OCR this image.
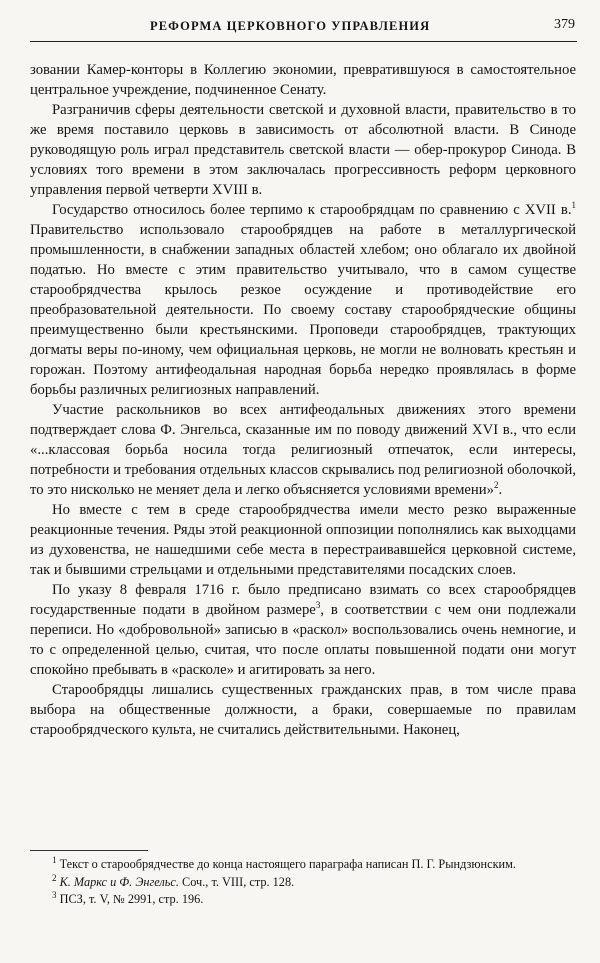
РЕФОРМА ЦЕРКОВНОГО УПРАВЛЕНИЯ	379

зовании Камер-конторы в Коллегию экономии, превратившуюся в самостоятельное центральное учреждение, подчиненное Сенату.

Разграничив сферы деятельности светской и духовной власти, правительство в то же время поставило церковь в зависимость от абсолютной власти. В Синоде руководящую роль играл представитель светской власти — обер-прокурор Синода. В условиях того времени в этом заключалась прогрессивность реформ церковного управления первой четверти XVIII в.

Государство относилось более терпимо к старообрядцам по сравнению с XVII в.$^1$ Правительство использовало старообрядцев на работе в металлургической промышленности, в снабжении западных областей хлебом; оно облагало их двойной податью. Но вместе с этим правительство учитывало, что в самом существе старообрядчества крылось резкое осуждение и противодействие его преобразовательной деятельности. По своему составу старообрядческие общины преимущественно были крестьянскими. Проповеди старообрядцев, трактующих догматы веры по-иному, чем официальная церковь, не могли не волновать крестьян и горожан. Поэтому антифеодальная народная борьба нередко проявлялась в форме борьбы различных религиозных направлений.

Участие раскольников во всех антифеодальных движениях этого времени подтверждает слова Ф. Энгельса, сказанные им по поводу движений XVI в., что если «...классовая борьба носила тогда религиозный отпечаток, если интересы, потребности и требования отдельных классов скрывались под религиозной оболочкой, то это нисколько не меняет дела и легко объясняется условиями времени»$^2$.

Но вместе с тем в среде старообрядчества имели место резко выраженные реакционные течения. Ряды этой реакционной оппозиции пополнялись как выходцами из духовенства, не нашедшими себе места в перестраивавшейся церковной системе, так и бывшими стрельцами и отдельными представителями посадских слоев.

По указу 8 февраля 1716 г. было предписано взимать со всех старообрядцев государственные подати в двойном размере$^3$, в соответствии с чем они подлежали переписи. Но «добровольной» записью в «раскол» воспользовались очень немногие, и то с определенной целью, считая, что после оплаты повышенной подати они могут спокойно пребывать в «расколе» и агитировать за него.

Старообрядцы лишались существенных гражданских прав, в том числе права выбора на общественные должности, а браки, совершаемые по правилам старообрядческого культа, не считались действительными. Наконец,

$^1$ Текст о старообрядчестве до конца настоящего параграфа написан П. Г. Рындзюнским.

$^2$ К. Маркс и Ф. Энгельс. Соч., т. VIII, стр. 128.

$^3$ ПСЗ, т. V, № 2991, стр. 196.
